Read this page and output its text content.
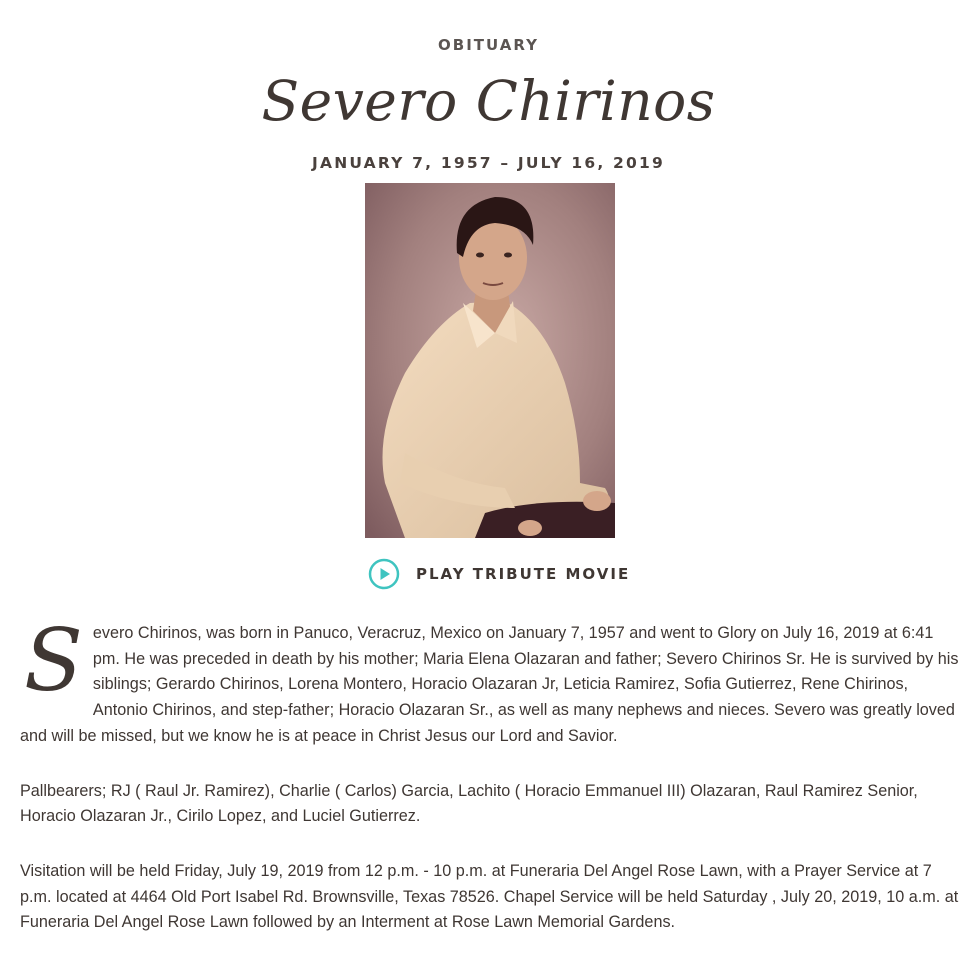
OBITUARY
Severo Chirinos
JANUARY 7, 1957 – JULY 16, 2019
PLAY TRIBUTE MOVIE

Severo Chirinos, was born in Panuco, Veracruz, Mexico on January 7, 1957 and went to Glory on July 16, 2019 at 6:41 pm. He was preceded in death by his mother; Maria Elena Olazaran and father; Severo Chirinos Sr. He is survived by his siblings; Gerardo Chirinos, Lorena Montero, Horacio Olazaran Jr, Leticia Ramirez, Sofia Gutierrez, Rene Chirinos, Antonio Chirinos, and step-father; Horacio Olazaran Sr., as well as many nephews and nieces. Severo was greatly loved and will be missed, but we know he is at peace in Christ Jesus our Lord and Savior.

Pallbearers; RJ ( Raul Jr. Ramirez), Charlie ( Carlos) Garcia, Lachito ( Horacio Emmanuel III) Olazaran, Raul Ramirez Senior, Horacio Olazaran Jr., Cirilo Lopez, and Luciel Gutierrez.

Visitation will be held Friday, July 19, 2019 from 12 p.m. - 10 p.m. at Funeraria Del Angel Rose Lawn, with a Prayer Service at 7 p.m. located at 4464 Old Port Isabel Rd. Brownsville, Texas 78526. Chapel Service will be held Saturday , July 20, 2019, 10 a.m. at Funeraria Del Angel Rose Lawn followed by an Interment at Rose Lawn Memorial Gardens.
